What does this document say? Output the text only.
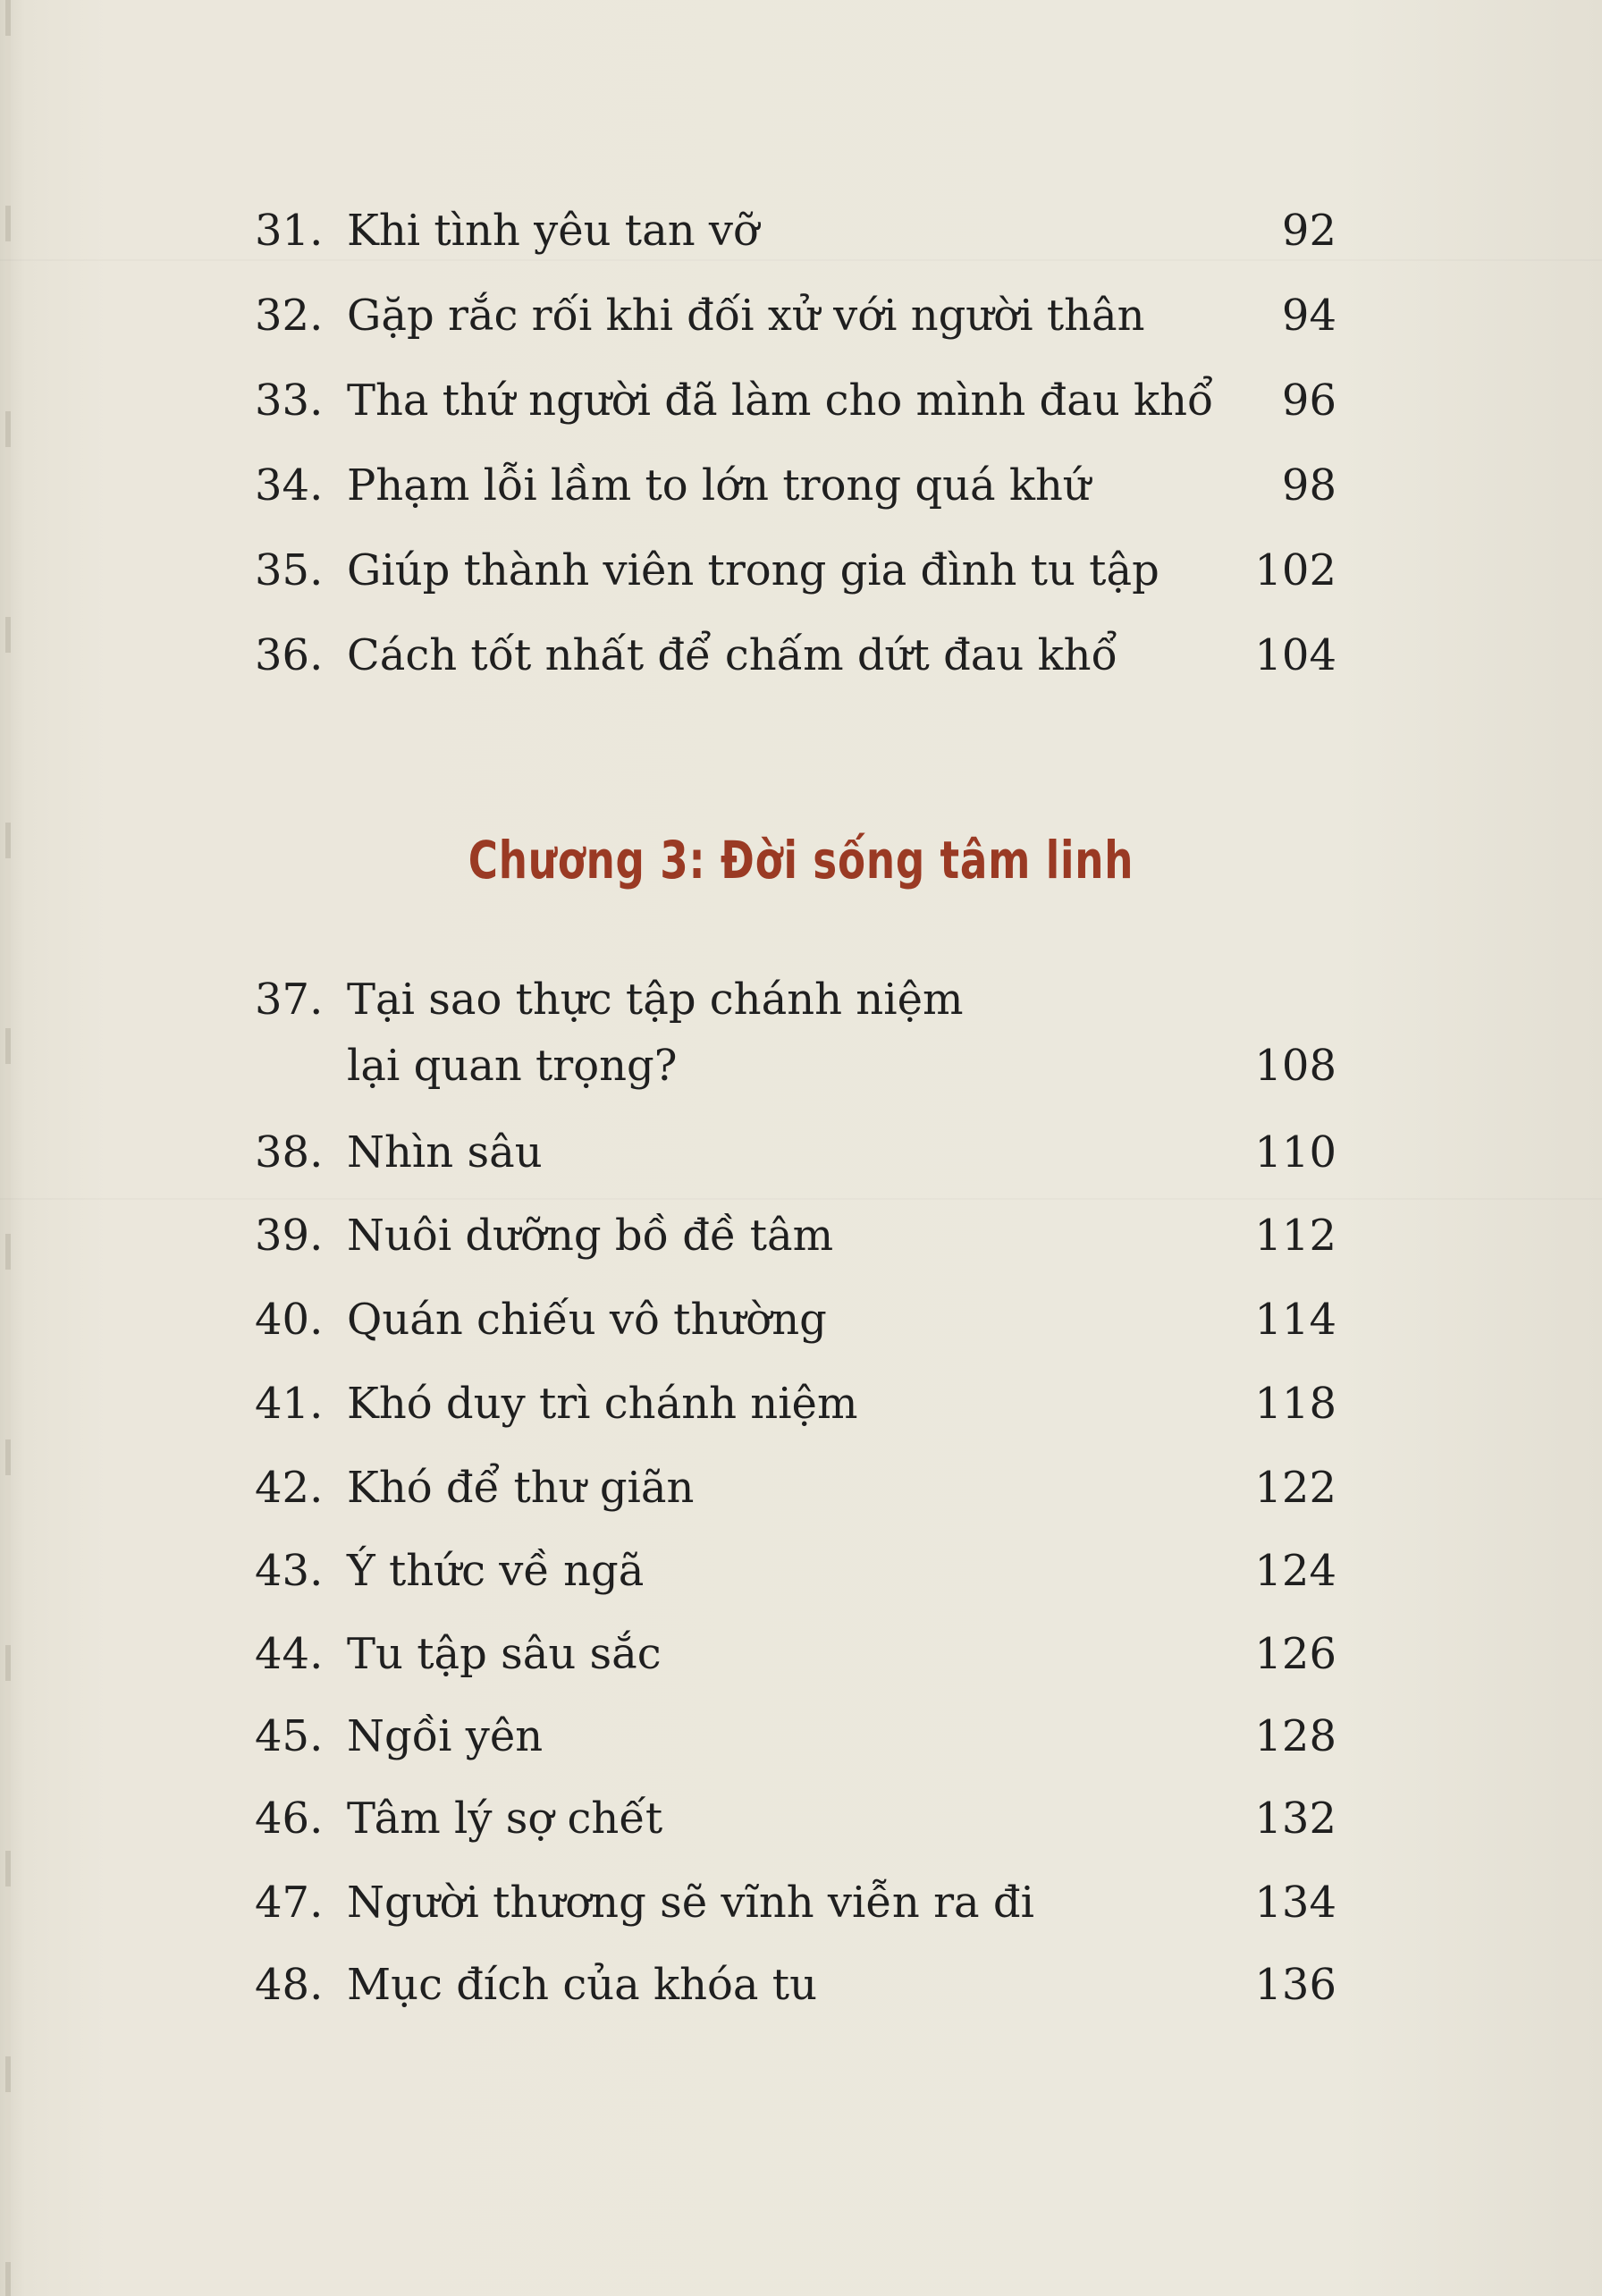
31. Khi tình yêu tan vỡ	92
32. Gặp rắc rối khi đối xử với người thân	94
33. Tha thứ người đã làm cho mình đau khổ 96
34. Phạm lỗi lầm to lớn trong quá khứ	98
35. Giúp thành viên trong gia đình tu tập 102
36. Cách tốt nhất để chấm dứt đau khổ	104
Chương 3: Đời sống tâm linh
37. Tại sao thực tập chánh niệm
lại quan trọng?	108
38. Nhìn sâu	110
39. Nuôi dưỡng bồ đề tâm	112
40. Quán chiếu vô thường	114
41. Khó duy trì chánh niệm	118
42. Khó để thư giãn	122
43. Ý thức về ngã	124
44. Tu tập sâu sắc	126
45. Ngồi yên	128
46. Tâm lý sợ chết	132
47. Người thương sẽ vĩnh viễn ra đi	134
48. Mục đích của khóa tu	136
